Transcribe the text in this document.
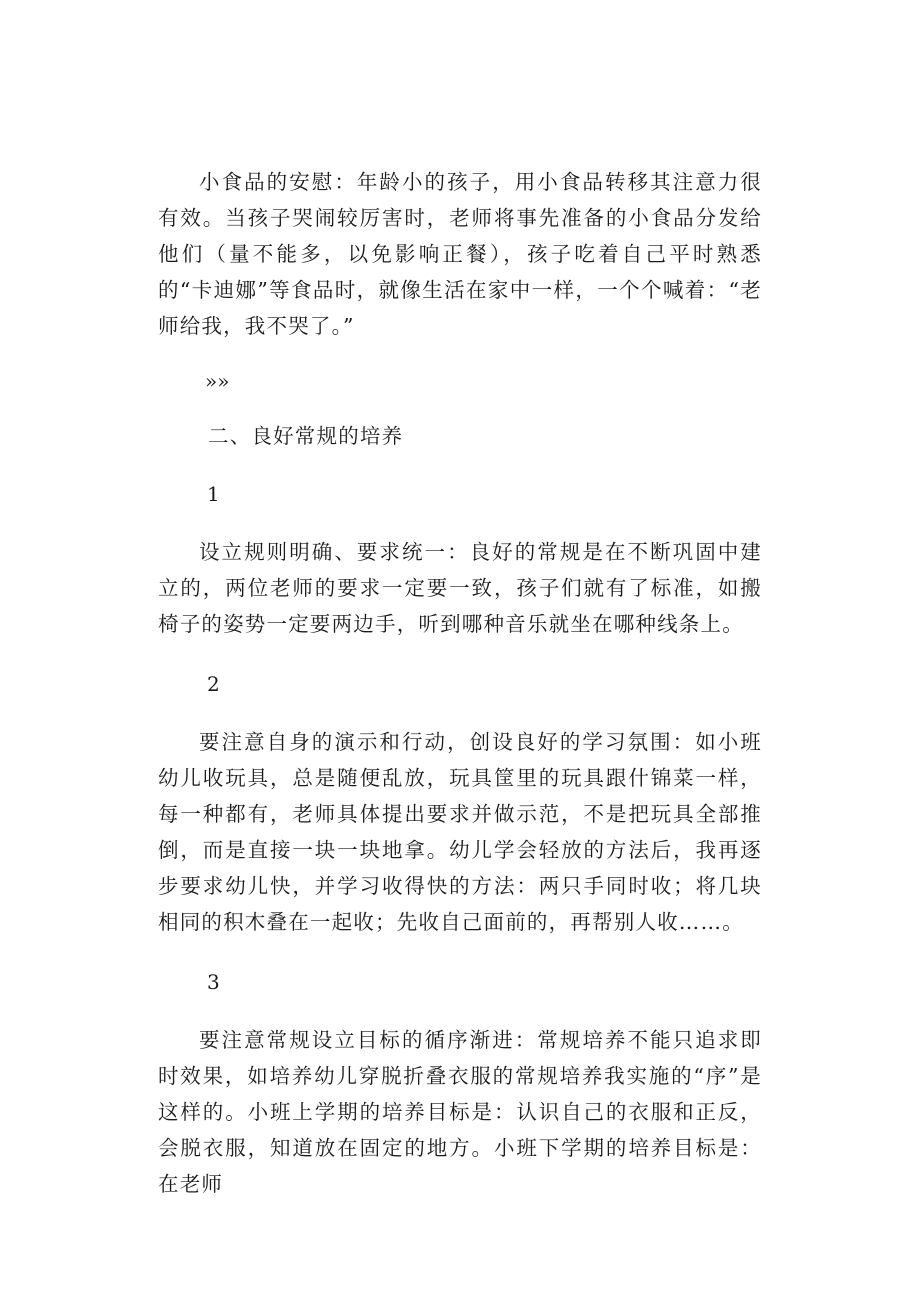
小食品的安慰：年龄小的孩子，用小食品转移其注意力很有效。当孩子哭闹较厉害时，老师将事先准备的小食品分发给他们（量不能多，以免影响正餐），孩子吃着自己平时熟悉的“卡迪娜”等食品时，就像生活在家中一样，一个个喊着：“老师给我，我不哭了。”

»»

二、良好常规的培养

1

设立规则明确、要求统一：良好的常规是在不断巩固中建立的，两位老师的要求一定要一致，孩子们就有了标准，如搬椅子的姿势一定要两边手，听到哪种音乐就坐在哪种线条上。

2

要注意自身的演示和行动，创设良好的学习氛围：如小班幼儿收玩具，总是随便乱放，玩具筐里的玩具跟什锦菜一样，每一种都有，老师具体提出要求并做示范，不是把玩具全部推倒，而是直接一块一块地拿。幼儿学会轻放的方法后，我再逐步要求幼儿快，并学习收得快的方法：两只手同时收；将几块相同的积木叠在一起收；先收自己面前的，再帮别人收……。

3

要注意常规设立目标的循序渐进：常规培养不能只追求即时效果，如培养幼儿穿脱折叠衣服的常规培养我实施的“序”是这样的。小班上学期的培养目标是：认识自己的衣服和正反，会脱衣服，知道放在固定的地方。小班下学期的培养目标是：在老师
